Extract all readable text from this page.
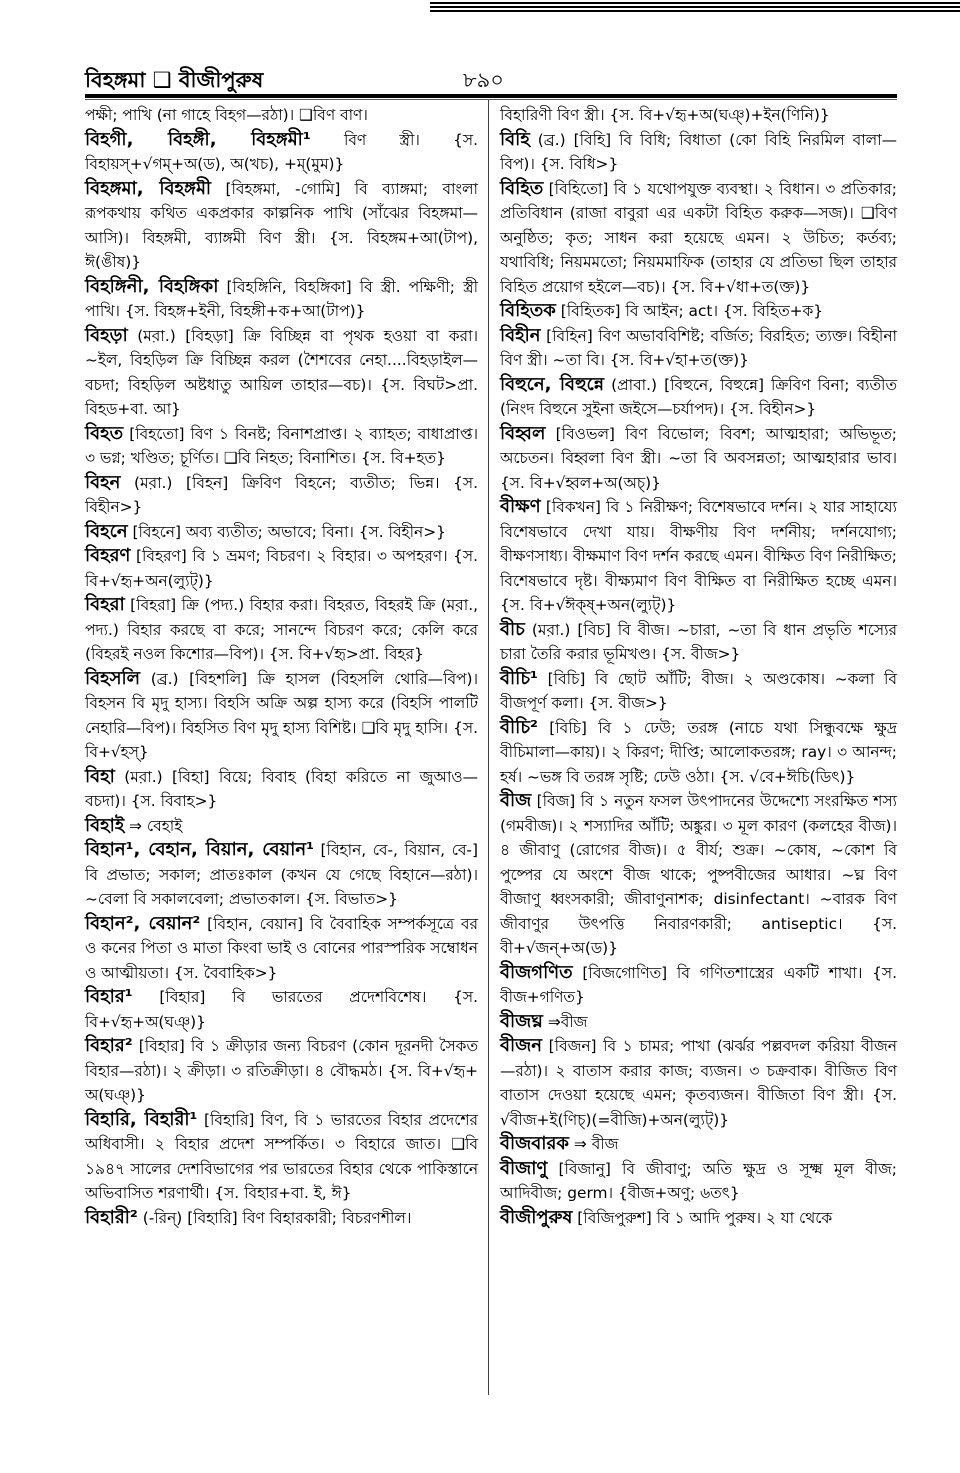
বিহঙ্গমা ❑ বীজীপুরুষ	৮৯০

পক্ষী; পাখি (না গাহে বিহগ—রঠা)। ❑বিণ বাণ।

বিহগী, বিহঙ্গী, বিহঙ্গমী¹ বিণ স্ত্রী। {স. বিহায়স্+√গম্+অ(ড), অ(খচ), +ম্(মুম)}

বিহঙ্গমা, বিহঙ্গমী [বিহঙ্গমা, -গোমি] বি ব্যাঙ্গমা; বাংলা রূপকথায় কথিত একপ্রকার কাল্পনিক পাখি (সাঁঝের বিহঙ্গমা—আসি)। বিহঙ্গমী, ব্যাঙ্গমী বিণ স্ত্রী। {স. বিহঙ্গম+আ(টাপ), ঈ(ঙীষ)}

বিহঙ্গিনী, বিহঙ্গিকা [বিহঙ্গিনি, বিহঙ্গিকা] বি স্ত্রী. পক্ষিণী; স্ত্রী পাখি। {স. বিহঙ্গ+ইনী, বিহঙ্গী+ক+আ(টাপ)}

বিহড়া (মব়া.) [বিহড়া] ক্রি বিচ্ছিন্ন বা পৃথক হওয়া বা করা। ~ইল, বিহড়িল ক্রি বিচ্ছিন্ন করল (শৈশবের নেহা....বিহড়াইল—বচদা; বিহড়িল অষ্টধাতু আয়িল তাহার—বচ)। {স. বিঘট>প্রা. বিহড+বা. আ}

বিহত [বিহতো] বিণ ১ বিনষ্ট; বিনাশপ্রাপ্ত। ২ ব্যাহত; বাধাপ্রাপ্ত। ৩ ভগ্ন; খণ্ডিত; চূর্ণিত। ❑বি নিহত; বিনাশিত। {স. বি+হত}

বিহন (মব়া.) [বিহন] ক্রিবিণ বিহনে; ব্যতীত; ভিন্ন। {স. বিহীন>}

বিহনে [বিহনে] অব্য ব্যতীত; অভাবে; বিনা। {স. বিহীন>}

বিহরণ [বিহরণ] বি ১ ভ্রমণ; বিচরণ। ২ বিহার। ৩ অপহরণ। {স. বি+√হৃ+অন(ল্যুট্)}

বিহরা [বিহরা] ক্রি (পদ্য.) বিহার করা। বিহরত, বিহরই ক্রি (মব়া., পদ্য.) বিহার করছে বা করে; সানন্দে বিচরণ করে; কেলি করে (বিহরই নওল কিশোর—বিপ)। {স. বি+√হৃ>প্রা. বিহর}

বিহসলি (ব্র.) [বিহশলি] ক্রি হাসল (বিহসলি থোরি—বিপ)। বিহসন বি মৃদু হাস্য। বিহসি অক্রি অল্প হাস্য করে (বিহসি পালটি নেহারি—বিপ)। বিহসিত বিণ মৃদু হাস্য বিশিষ্ট। ❑বি মৃদু হাসি। {স. বি+√হস্}

বিহা (মব়া.) [বিহা] বিয়ে; বিবাহ (বিহা করিতে না জুআও—বচদা)। {স. বিবাহ>}

বিহাই ⇒ বেহাই

বিহান¹, বেহান, বিয়ান, বেয়ান¹ [বিহান, বে-, বিয়ান, বে-] বি প্রভাত; সকাল; প্রাতঃকাল (কখন যে গেছে বিহানে—রঠা)। ~বেলা বি সকালবেলা; প্রভাতকাল। {স. বিভাত>}

বিহান², বেয়ান² [বিহান, বেয়ান] বি বৈবাহিক সম্পর্কসূত্রে বর ও কনের পিতা ও মাতা কিংবা ভাই ও বোনের পারস্পরিক সম্বোধন ও আত্মীয়তা। {স. বৈবাহিক>}

বিহার¹ [বিহার] বি ভারতের প্রদেশবিশেষ। {স. বি+√হৃ+অ(ঘঞ্)}

বিহার² [বিহার] বি ১ ক্রীড়ার জন্য বিচরণ (কোন দূরনদী সৈকত বিহার—রঠা)। ২ ক্রীড়া। ৩ রতিক্রীড়া। ৪ বৌদ্ধমঠ। {স. বি+√হৃ+ অ(ঘঞ্)}

বিহারি, বিহারী¹ [বিহারি] বিণ, বি ১ ভারতের বিহার প্রদেশের অধিবাসী। ২ বিহার প্রদেশ সম্পর্কিত। ৩ বিহারে জাত। ❑বি ১৯৪৭ সালের দেশবিভাগের পর ভারতের বিহার থেকে পাকিস্তানে অভিবাসিত শরণার্থী। {স. বিহার+বা. ই, ঈ}

বিহারী² (-রিন্) [বিহারি] বিণ বিহারকারী; বিচরণশীল।

বিহারিণী বিণ স্ত্রী। {স. বি+√হৃ+অ(ঘঞ্)+ইন(ণিনি)}

বিহি (ব্র.) [বিহি] বি বিধি; বিধাতা (কো বিহি নিরমিল বালা—বিপ)। {স. বিধি>}

বিহিত [বিহিতো] বি ১ যথোপযুক্ত ব্যবস্থা। ২ বিধান। ৩ প্রতিকার; প্রতিবিধান (রাজা বাবুরা এর একটা বিহিত করুক—সজ)। ❑বিণ অনুষ্ঠিত; কৃত; সাধন করা হয়েছে এমন। ২ উচিত; কর্তব্য; যথাবিধি; নিয়মমতো; নিয়মমাফিক (তাহার যে প্রতিভা ছিল তাহার বিহিত প্রয়োগ হইলে—বচ)। {স. বি+√ধা+ত(ক্ত)}

বিহিতক [বিহিতক] বি আইন; act। {স. বিহিত+ক}

বিহীন [বিহিন] বিণ অভাববিশিষ্ট; বর্জিত; বিরহিত; ত্যক্ত। বিহীনা বিণ স্ত্রী। ~তা বি। {স. বি+√হা+ত(ক্ত)}

বিহুনে, বিহুন্নে (প্রাবা.) [বিহুনে, বিহুন্নে] ক্রিবিণ বিনা; ব্যতীত (নিংদ বিহুনে সুইনা জইসে—চর্যাপদ)। {স. বিহীন>}

বিহ্বল [বিওভল] বিণ বিভোল; বিবশ; আত্মহারা; অভিভূত; অচেতন। বিহ্বলা বিণ স্ত্রী। ~তা বি অবসন্নতা; আত্মহারার ভাব। {স. বি+√হ্বল+অ(অচ্)}

বীক্ষণ [বিকখন] বি ১ নিরীক্ষণ; বিশেষভাবে দর্শন। ২ যার সাহায্যে বিশেষভাবে দেখা যায়। বীক্ষণীয় বিণ দর্শনীয়; দর্শনযোগ্য; বীক্ষণসাধ্য। বীক্ষমাণ বিণ দর্শন করছে এমন। বীক্ষিত বিণ নিরীক্ষিত; বিশেষভাবে দৃষ্ট। বীক্ষ্যমাণ বিণ বীক্ষিত বা নিরীক্ষিত হচ্ছে এমন। {স. বি+√ঈক্ষ্+অন(ল্যুট্)}

বীচ (মব়া.) [বিচ] বি বীজ। ~চারা, ~তা বি ধান প্রভৃতি শস্যের চারা তৈরি করার ভূমিখণ্ড। {স. বীজ>}

বীচি¹ [বিচি] বি ছোট আঁটি; বীজ। ২ অণ্ডকোষ। ~কলা বি বীজপূর্ণ কলা। {স. বীজ>}

বীচি² [বিচি] বি ১ ঢেউ; তরঙ্গ (নাচে যথা সিন্ধুবক্ষে ক্ষুদ্র বীচিমালা—কায়)। ২ কিরণ; দীপ্তি; আলোকতরঙ্গ; ray। ৩ আনন্দ; হর্ষ। ~ভঙ্গ বি তরঙ্গ সৃষ্টি; ঢেউ ওঠা। {স. √বে+ঈচি(ডিৎ)}

বীজ [বিজ] বি ১ নতুন ফসল উৎপাদনের উদ্দেশ্যে সংরক্ষিত শস্য (গমবীজ)। ২ শস্যাদির আঁটি; অঙ্কুর। ৩ মূল কারণ (কলহের বীজ)। ৪ জীবাণু (রোগের বীজ)। ৫ বীর্য; শুক্র। ~কোষ, ~কোশ বি পুষ্পের যে অংশে বীজ থাকে; পুষ্পবীজের আধার। ~ঘ্ন বিণ বীজাণু ধ্বংসকারী; জীবাণুনাশক; disinfectant। ~বারক বিণ জীবাণুর উৎপত্তি নিবারণকারী; antiseptic। {স. বী+√জন্+অ(ড)}

বীজগণিত [বিজগোণিত] বি গণিতশাস্ত্রের একটি শাখা। {স. বীজ+গণিত}

বীজঘ্ন ⇒বীজ

বীজন [বিজন] বি ১ চামর; পাখা (ঝর্ঝর পল্লবদল করিয়া বীজন—রঠা)। ২ বাতাস করার কাজ; ব্যজন। ৩ চক্রবাক। বীজিত বিণ বাতাস দেওয়া হয়েছে এমন; কৃতব্যজন। বীজিতা বিণ স্ত্রী। {স. √বীজ+ই(ণিচ্)(=বীজি)+অন(ল্যুট্)}

বীজবারক ⇒ বীজ

বীজাণু [বিজানু] বি জীবাণু; অতি ক্ষুদ্র ও সূক্ষ্ম মূল বীজ; আদিবীজ; germ। {বীজ+অণু; ৬তৎ}

বীজীপুরুষ [বিজিপুরুশ] বি ১ আদি পুরুষ। ২ যা থেকে
